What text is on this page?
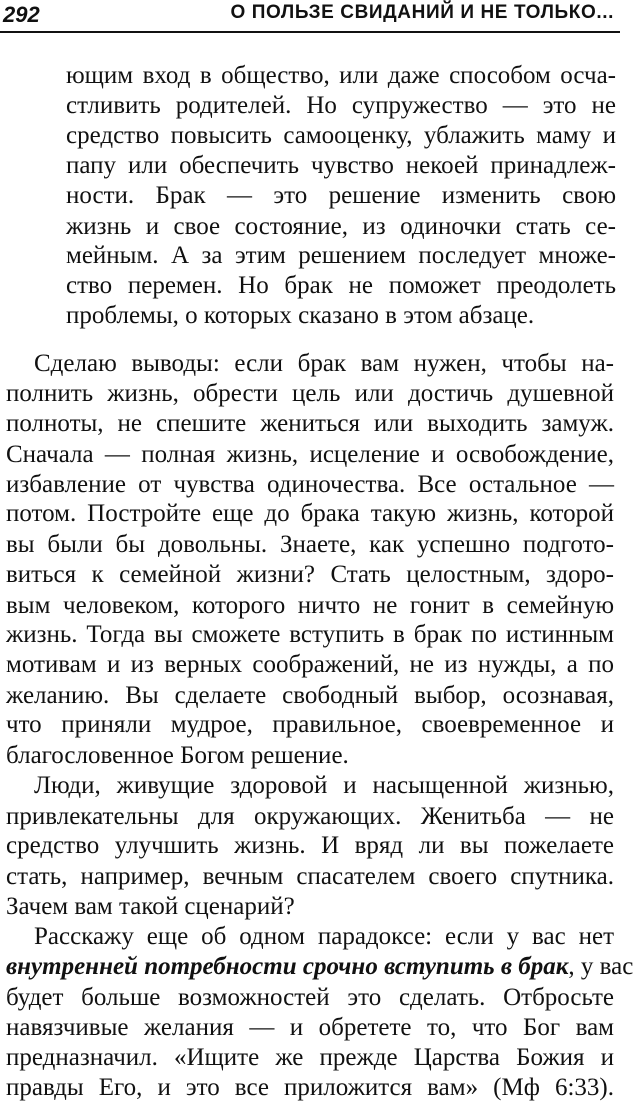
292	О ПОЛЬЗЕ СВИДАНИЙ И НЕ ТОЛЬКО...
ющим вход в общество, или даже способом осча-
стливить родителей. Но супружество — это не
средство повысить самооценку, ублажить маму и
папу или обеспечить чувство некоей принадлеж-
ности. Брак — это решение изменить свою
жизнь и свое состояние, из одиночки стать се-
мейным. А за этим решением последует множе-
ство перемен. Но брак не поможет преодолеть
проблемы, о которых сказано в этом абзаце.
Сделаю выводы: если брак вам нужен, чтобы на-
полнить жизнь, обрести цель или достичь душевной
полноты, не спешите жениться или выходить замуж.
Сначала — полная жизнь, исцеление и освобождение,
избавление от чувства одиночества. Все остальное —
потом. Постройте еще до брака такую жизнь, которой
вы были бы довольны. Знаете, как успешно подгото-
виться к семейной жизни? Стать целостным, здоро-
вым человеком, которого ничто не гонит в семейную
жизнь. Тогда вы сможете вступить в брак по истинным
мотивам и из верных соображений, не из нужды, а по
желанию. Вы сделаете свободный выбор, осознавая,
что приняли мудрое, правильное, своевременное и
благословенное Богом решение.
Люди, живущие здоровой и насыщенной жизнью,
привлекательны для окружающих. Женитьба — не
средство улучшить жизнь. И вряд ли вы пожелаете
стать, например, вечным спасателем своего спутника.
Зачем вам такой сценарий?
Расскажу еще об одном парадоксе: если у вас нет
внутренней потребности срочно вступить в брак, у вас
будет больше возможностей это сделать. Отбросьте
навязчивые желания — и обретете то, что Бог вам
предназначил. «Ищите же прежде Царства Божия и
правды Его, и это все приложится вам» (Мф 6:33).
